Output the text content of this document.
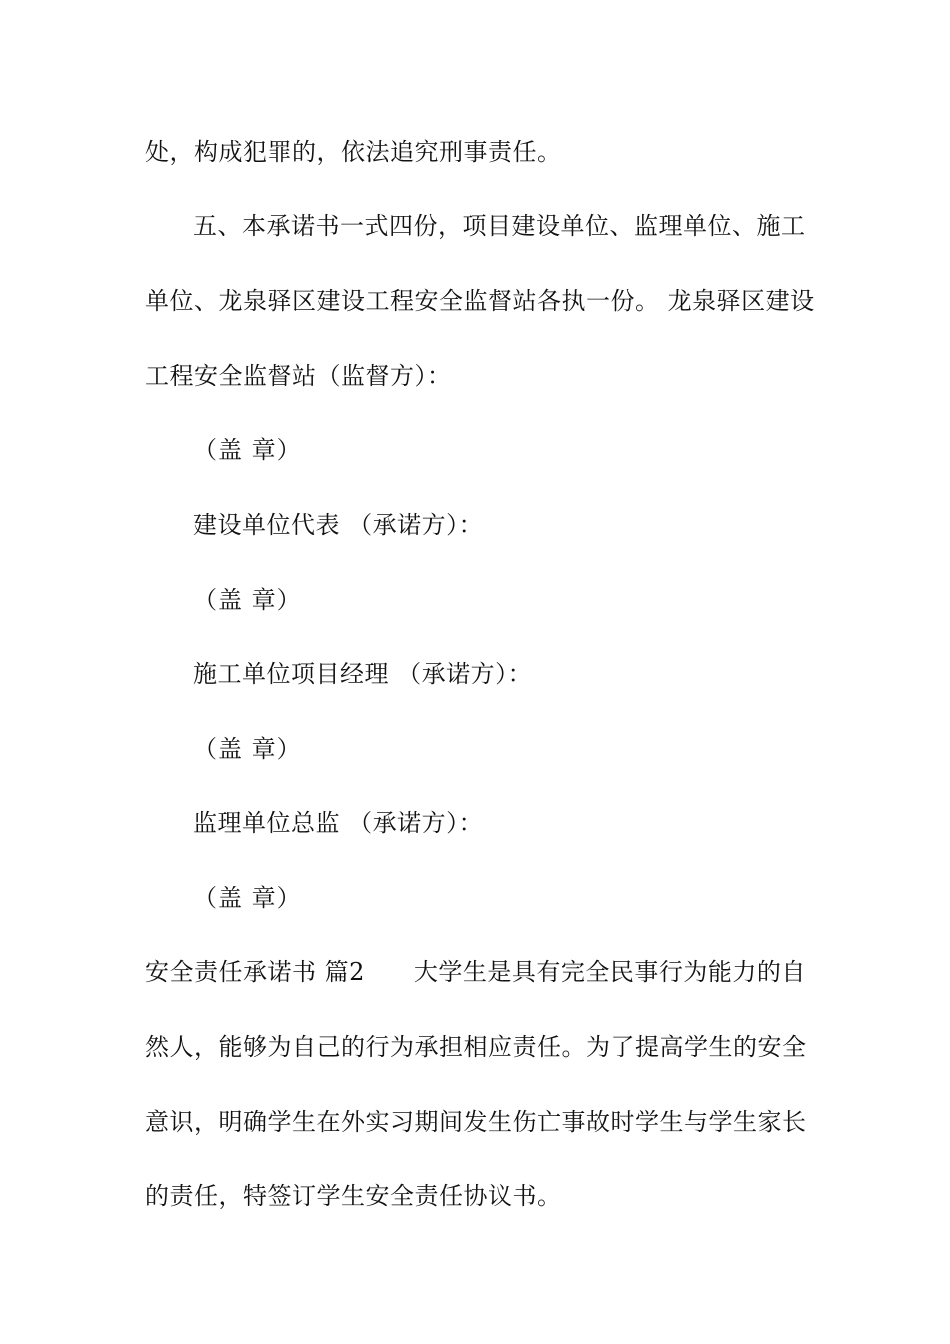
处，构成犯罪的，依法追究刑事责任。
五、本承诺书一式四份，项目建设单位、监理单位、施工
单位、龙泉驿区建设工程安全监督站各执一份。 龙泉驿区建设
工程安全监督站（监督方）：
（盖 章）
建设单位代表 （承诺方）：
（盖 章）
施工单位项目经理 （承诺方）：
（盖 章）
监理单位总监 （承诺方）：
（盖 章）
安全责任承诺书 篇2　　大学生是具有完全民事行为能力的自
然人，能够为自己的行为承担相应责任。为了提高学生的安全
意识，明确学生在外实习期间发生伤亡事故时学生与学生家长
的责任，特签订学生安全责任协议书。
